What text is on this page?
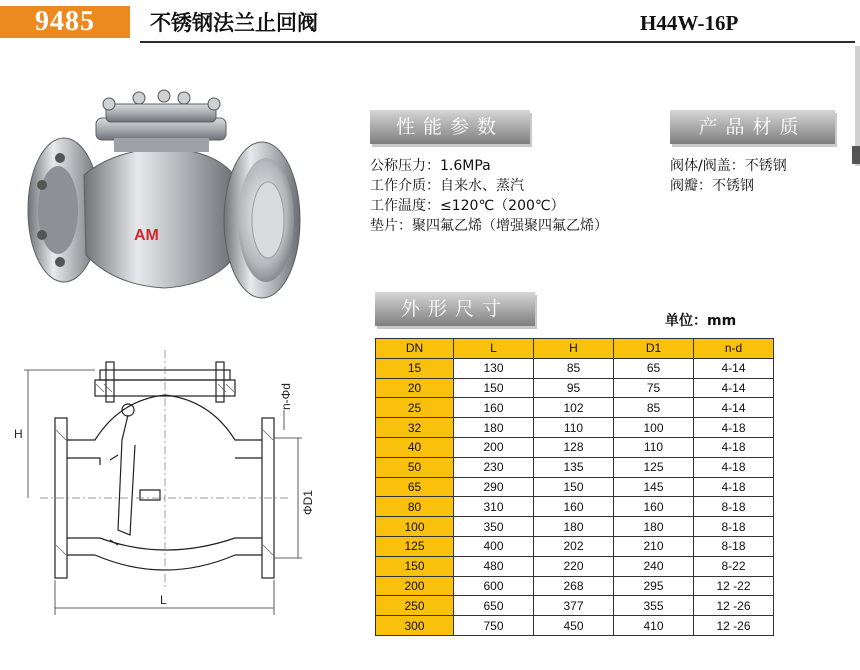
9485	不锈钢法兰止回阀	H44W-16P
AM
H
L
ΦD1
n-Φd
性能参数
公称压力：1.6MPa
工作介质：自来水、蒸汽
工作温度：≤120℃（200℃）
垫片：聚四氟乙烯（增强聚四氟乙烯）
产品材质
阀体/阀盖：不锈钢
阀瓣：不锈钢
外形尺寸
单位：mm
DN	L	H	D1	n-d
15	130	85	65	4-14
20	150	95	75	4-14
25	160	102	85	4-14
32	180	110	100	4-18
40	200	128	110	4-18
50	230	135	125	4-18
65	290	150	145	4-18
80	310	160	160	8-18
100	350	180	180	8-18
125	400	202	210	8-18
150	480	220	240	8-22
200	600	268	295	12 -22
250	650	377	355	12 -26
300	750	450	410	12 -26
